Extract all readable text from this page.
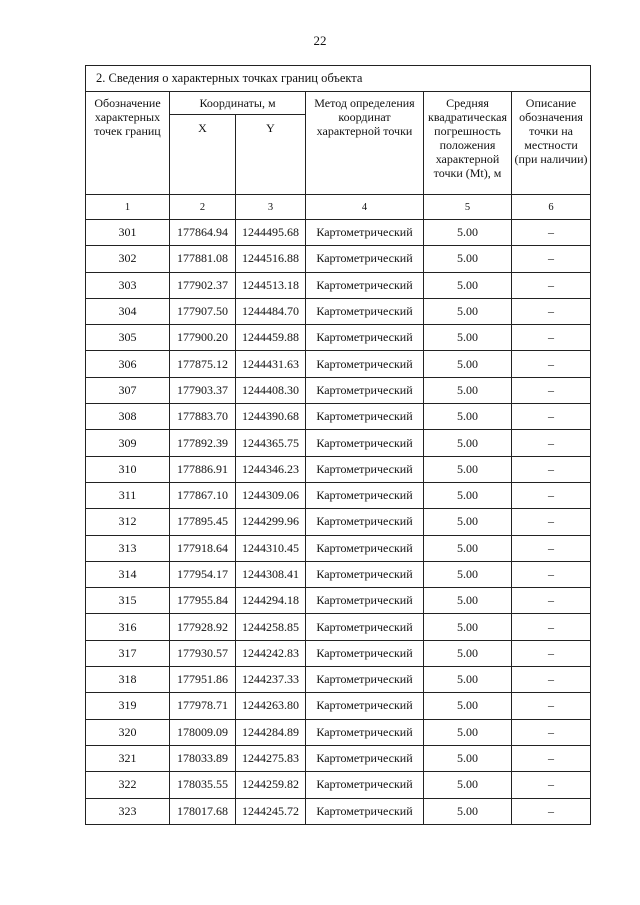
22
2. Сведения о характерных точках границ объекта					
Обозначение характерных точек границ	Координаты, м		Метод определения координат характерной точки	Средняя квадратическая погрешность положения характерной точки (Mt), м	Описание обозначения точки на местности (при наличии)
	X	Y			
1	2	3	4	5	6
301	177864.94	1244495.68	Картометрический	5.00	–
302	177881.08	1244516.88	Картометрический	5.00	–
303	177902.37	1244513.18	Картометрический	5.00	–
304	177907.50	1244484.70	Картометрический	5.00	–
305	177900.20	1244459.88	Картометрический	5.00	–
306	177875.12	1244431.63	Картометрический	5.00	–
307	177903.37	1244408.30	Картометрический	5.00	–
308	177883.70	1244390.68	Картометрический	5.00	–
309	177892.39	1244365.75	Картометрический	5.00	–
310	177886.91	1244346.23	Картометрический	5.00	–
311	177867.10	1244309.06	Картометрический	5.00	–
312	177895.45	1244299.96	Картометрический	5.00	–
313	177918.64	1244310.45	Картометрический	5.00	–
314	177954.17	1244308.41	Картометрический	5.00	–
315	177955.84	1244294.18	Картометрический	5.00	–
316	177928.92	1244258.85	Картометрический	5.00	–
317	177930.57	1244242.83	Картометрический	5.00	–
318	177951.86	1244237.33	Картометрический	5.00	–
319	177978.71	1244263.80	Картометрический	5.00	–
320	178009.09	1244284.89	Картометрический	5.00	–
321	178033.89	1244275.83	Картометрический	5.00	–
322	178035.55	1244259.82	Картометрический	5.00	–
323	178017.68	1244245.72	Картометрический	5.00	–
